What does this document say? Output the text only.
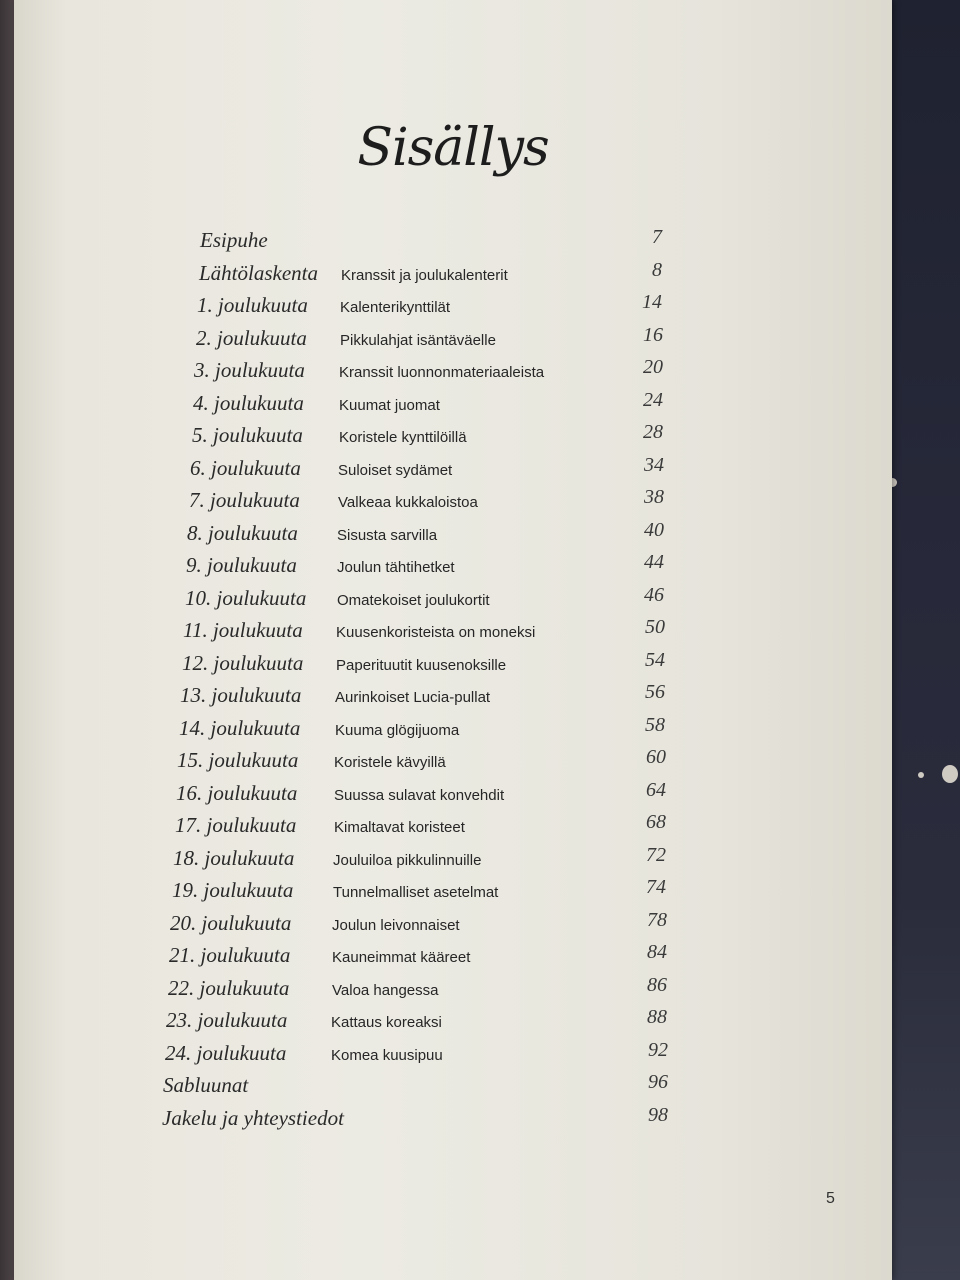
Sisällys
Esipuhe	7
Lähtölaskenta Kranssit ja joulukalenterit	8
1. joulukuuta Kalenterikynttilät	14
2. joulukuuta Pikkulahjat isäntäväelle	16
3. joulukuuta Kranssit luonnonmateriaaleista	20
4. joulukuuta Kuumat juomat	24
5. joulukuuta Koristele kynttilöillä	28
6. joulukuuta Suloiset sydämet	34
7. joulukuuta	Valkeaa kukkaloistoa	38
8. joulukuuta	Sisusta sarvilla	40
9. joulukuuta	Joulun tähtihetket	44
10. joulukuuta Omatekoiset joulukortit	46
11. joulukuuta Kuusenkoristeista on moneksi	50
12. joulukuuta Paperituutit kuusenoksille	54
13. joulukuuta Aurinkoiset Lucia-pullat	56
14. joulukuuta Kuuma glögijuoma	58
15. joulukuuta Koristele kävyillä	60
16. joulukuuta Suussa sulavat konvehdit	64
17. joulukuuta	Kimaltavat koristeet	68
18. joulukuuta	Jouluiloa pikkulinnuille	72
19. joulukuuta	Tunnelmalliset asetelmat	74
20. joulukuuta	Joulun leivonnaiset	78
21. joulukuuta	Kauneimmat kääreet	84
22. joulukuuta	Valoa hangessa	86
23. joulukuuta	Kattaus koreaksi	88
24. joulukuuta	Komea kuusipuu	92
Sabluunat	96
Jakelu ja yhteystiedot	98
5
